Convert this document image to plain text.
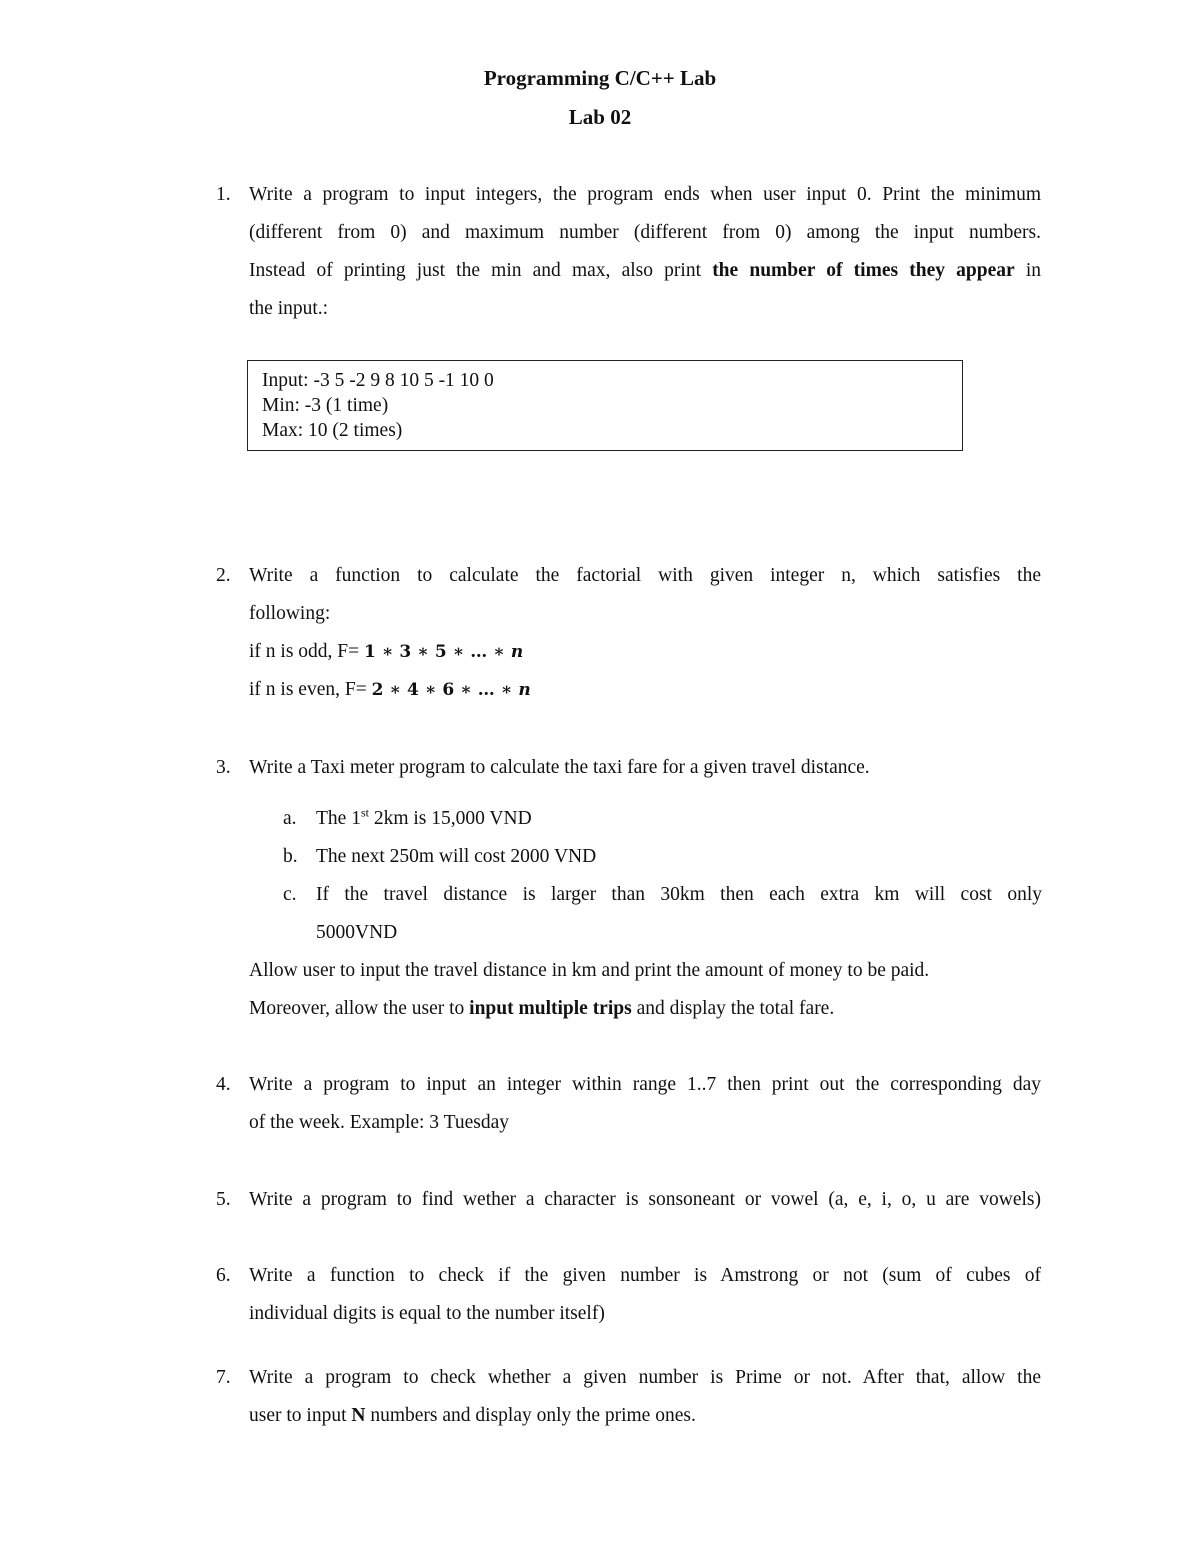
Programming C/C++ Lab
Lab 02
1. Write a program to input integers, the program ends when user input 0. Print the minimum
(different from 0) and maximum number (different from 0) among the input numbers.
Instead of printing just the min and max, also print the number of times they appear in
the input.:
Input: -3 5 -2 9 8 10 5 -1 10 0
Min: -3 (1 time)
Max: 10 (2 times)
2. Write a function to calculate the factorial with given integer n, which satisfies the
following:
if n is odd, F= 1 ∗ 3 ∗ 5 ∗ … ∗ n
if n is even, F= 2 ∗ 4 ∗ 6 ∗ … ∗ n
3. Write a Taxi meter program to calculate the taxi fare for a given travel distance.
a. The 1st 2km is 15,000 VND
b. The next 250m will cost 2000 VND
c. If the travel distance is larger than 30km then each extra km will cost only
5000VND
Allow user to input the travel distance in km and print the amount of money to be paid.
Moreover, allow the user to input multiple trips and display the total fare.
4. Write a program to input an integer within range 1..7 then print out the corresponding day
of the week. Example: 3 Tuesday
5. Write a program to find wether a character is sonsoneant or vowel (a, e, i, o, u are vowels)
6. Write a function to check if the given number is Amstrong or not (sum of cubes of
individual digits is equal to the number itself)
7. Write a program to check whether a given number is Prime or not. After that, allow the
user to input N numbers and display only the prime ones.
